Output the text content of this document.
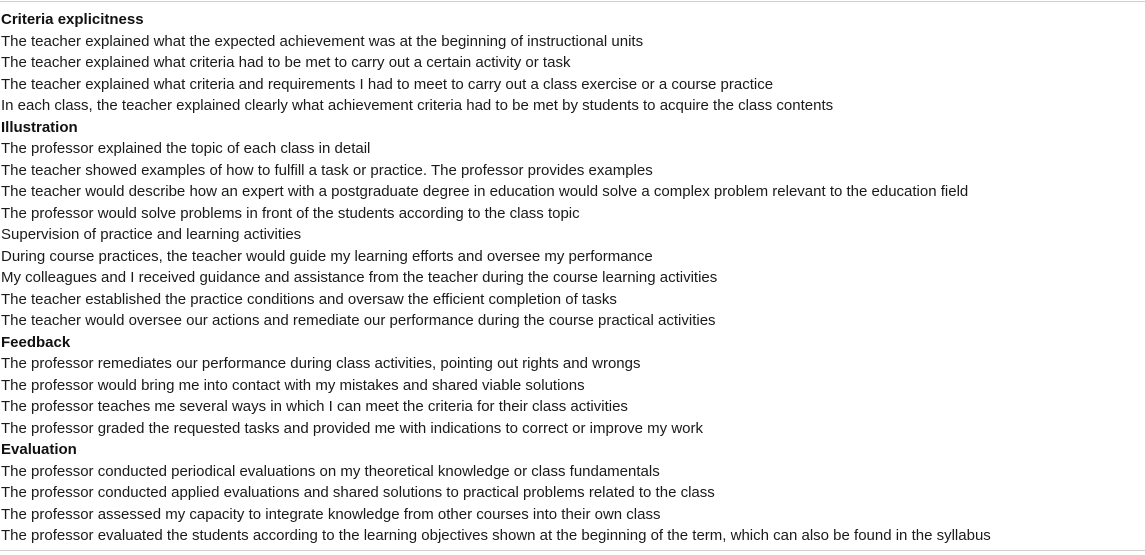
Criteria explicitness
The teacher explained what the expected achievement was at the beginning of instructional units
The teacher explained what criteria had to be met to carry out a certain activity or task
The teacher explained what criteria and requirements I had to meet to carry out a class exercise or a course practice
In each class, the teacher explained clearly what achievement criteria had to be met by students to acquire the class contents
Illustration
The professor explained the topic of each class in detail
The teacher showed examples of how to fulfill a task or practice. The professor provides examples
The teacher would describe how an expert with a postgraduate degree in education would solve a complex problem relevant to the education field
The professor would solve problems in front of the students according to the class topic
Supervision of practice and learning activities
During course practices, the teacher would guide my learning efforts and oversee my performance
My colleagues and I received guidance and assistance from the teacher during the course learning activities
The teacher established the practice conditions and oversaw the efficient completion of tasks
The teacher would oversee our actions and remediate our performance during the course practical activities
Feedback
The professor remediates our performance during class activities, pointing out rights and wrongs
The professor would bring me into contact with my mistakes and shared viable solutions
The professor teaches me several ways in which I can meet the criteria for their class activities
The professor graded the requested tasks and provided me with indications to correct or improve my work
Evaluation
The professor conducted periodical evaluations on my theoretical knowledge or class fundamentals
The professor conducted applied evaluations and shared solutions to practical problems related to the class
The professor assessed my capacity to integrate knowledge from other courses into their own class
The professor evaluated the students according to the learning objectives shown at the beginning of the term, which can also be found in the syllabus
